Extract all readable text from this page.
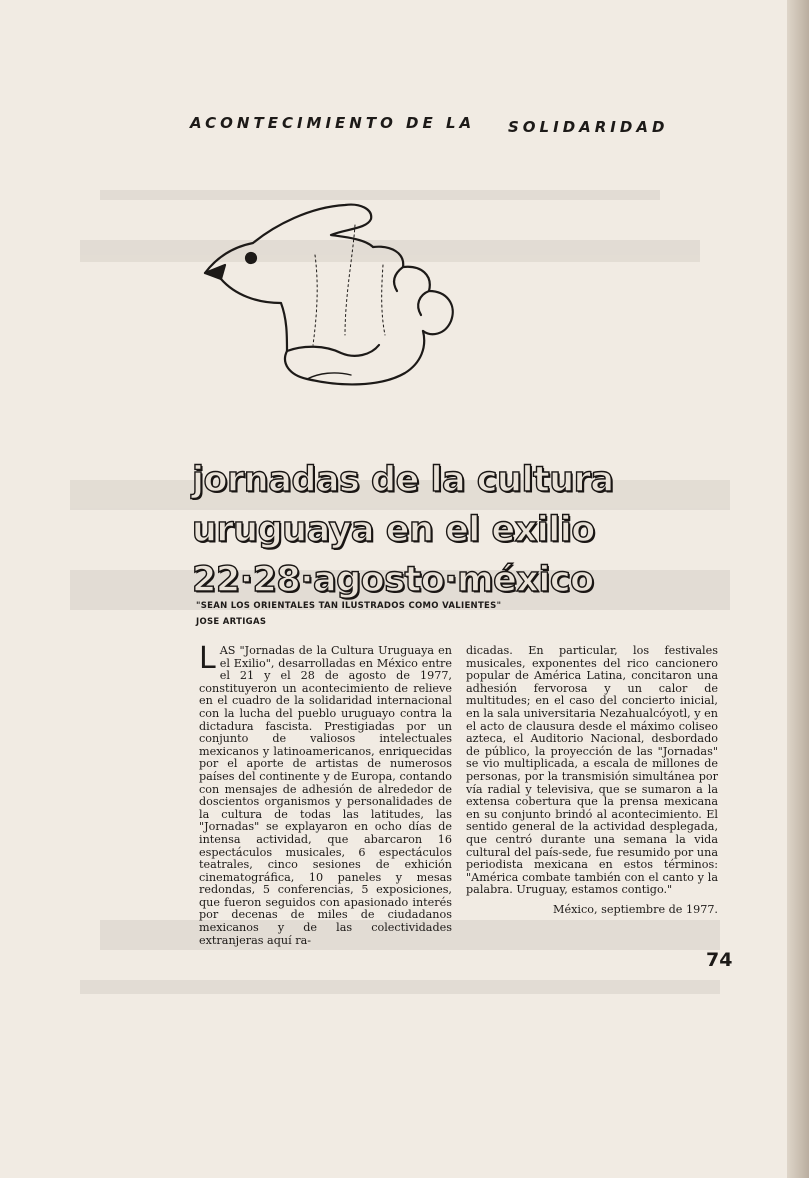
ACONTECIMIENTO DE LA SOLIDARIDAD
jornadas de la cultura
uruguaya en el exilio
22·28·agosto·méxico
"SEAN LOS ORIENTALES TAN ILUSTRADOS COMO VALIENTES"
JOSE ARTIGAS
LAS "Jornadas de la Cultura Uruguaya en el Exilio", desarrolladas en México entre el 21 y el 28 de agosto de 1977, constituyeron un acontecimiento de relieve en el cuadro de la solidaridad internacional con la lucha del pueblo uruguayo contra la dictadura fascista. Prestigiadas por un conjunto de valiosos intelectuales mexicanos y latinoamericanos, enriquecidas por el aporte de artistas de numerosos países del continente y de Europa, contando con mensajes de adhesión de alrededor de doscientos organismos y personalidades de la cultura de todas las latitudes, las "Jornadas" se explayaron en ocho días de intensa actividad, que abarcaron 16 espectáculos musicales, 6 espectáculos teatrales, cinco sesiones de exhición cinematográfica, 10 paneles y mesas redondas, 5 conferencias, 5 exposiciones, que fueron seguidos con apasionado interés por decenas de miles de ciudadanos mexicanos y de las colectividades extranjeras aquí ra-
dicadas. En particular, los festivales musicales, exponentes del rico cancionero popular de América Latina, concitaron una adhesión fervorosa y un calor de multitudes; en el caso del concierto inicial, en la sala universitaria Nezahualcóyotl, y en el acto de clausura desde el máximo coliseo azteca, el Auditorio Nacional, desbordado de público, la proyección de las "Jornadas" se vio multiplicada, a escala de millones de personas, por la transmisión simultánea por vía radial y televisiva, que se sumaron a la extensa cobertura que la prensa mexicana en su conjunto brindó al acontecimiento. El sentido general de la actividad desplegada, que centró durante una semana la vida cultural del país-sede, fue resumido por una periodista mexicana en estos términos: "América combate también con el canto y la palabra. Uruguay, estamos contigo."
México, septiembre de 1977.
74
